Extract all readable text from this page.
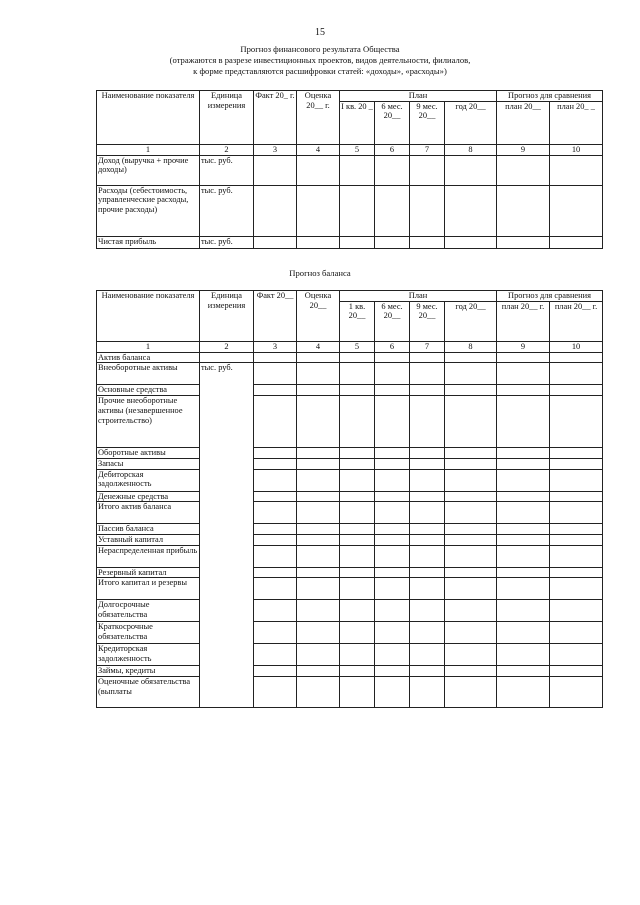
15
Прогноз финансового результата Общества
(отражаются в разрезе инвестиционных проектов, видов деятельности, филиалов,
к форме представляются расшифровки статей: «доходы», «расходы»)
Наименование показателя	Единица измерения	Факт 20_ г.	Оценка 20__ г.	План				Прогноз для сравнения	
				I кв. 20 _	6 мес. 20__	9 мес. 20__	год 20__	план 20__	план 20_ _
1	2	3	4	5	6	7	8	9	10
Доход (выручка + прочие доходы)	тыс. руб.								
Расходы (себестоимость, управленческие расходы, прочие расходы)	тыс. руб.								
Чистая прибыль	тыс. руб.								
Прогноз баланса
Наименование показателя	Единица измерения	Факт 20__	Оценка 20__	План				Прогноз для сравнения	
				1 кв. 20__	6 мес. 20__	9 мес. 20__	год 20__	план 20__ г.	план 20__ г.
1	2	3	4	5	6	7	8	9	10
Актив баланса									
Внеоборотные активы	тыс. руб.								
Основные средства									
Прочие внеоборотные активы (незавершенное строительство)									
Оборотные активы									
Запасы									
Дебиторская задолженность									
Денежные средства									
Итого актив баланса									
Пассив баланса									
Уставный капитал									
Нераспределенная прибыль									
Резервный капитал									
Итого капитал и резервы									
Долгосрочные обязательства									
Краткосрочные обязательства									
Кредиторская задолженность									
Займы, кредиты									
Оценочные обязательства (выплаты									
